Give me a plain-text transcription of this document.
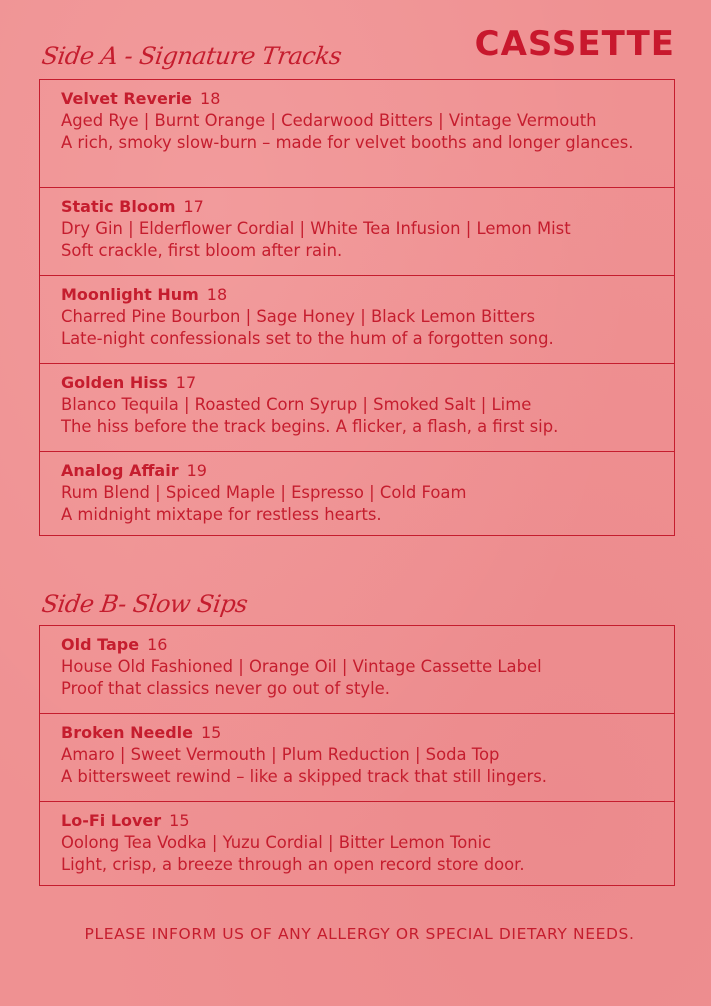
CASSETTE
Side A - Signature Tracks
Velvet Reverie 18
Aged Rye | Burnt Orange | Cedarwood Bitters | Vintage Vermouth
A rich, smoky slow-burn – made for velvet booths and longer glances.
Static Bloom 17
Dry Gin | Elderflower Cordial | White Tea Infusion | Lemon Mist
Soft crackle, first bloom after rain.
Moonlight Hum 18
Charred Pine Bourbon | Sage Honey | Black Lemon Bitters
Late-night confessionals set to the hum of a forgotten song.
Golden Hiss 17
Blanco Tequila | Roasted Corn Syrup | Smoked Salt | Lime
The hiss before the track begins. A flicker, a flash, a first sip.
Analog Affair 19
Rum Blend | Spiced Maple | Espresso | Cold Foam
A midnight mixtape for restless hearts.
Side B- Slow Sips
Old Tape 16
House Old Fashioned | Orange Oil | Vintage Cassette Label
Proof that classics never go out of style.
Broken Needle 15
Amaro | Sweet Vermouth | Plum Reduction | Soda Top
A bittersweet rewind – like a skipped track that still lingers.
Lo-Fi Lover 15
Oolong Tea Vodka | Yuzu Cordial | Bitter Lemon Tonic
Light, crisp, a breeze through an open record store door.
PLEASE INFORM US OF ANY ALLERGY OR SPECIAL DIETARY NEEDS.
